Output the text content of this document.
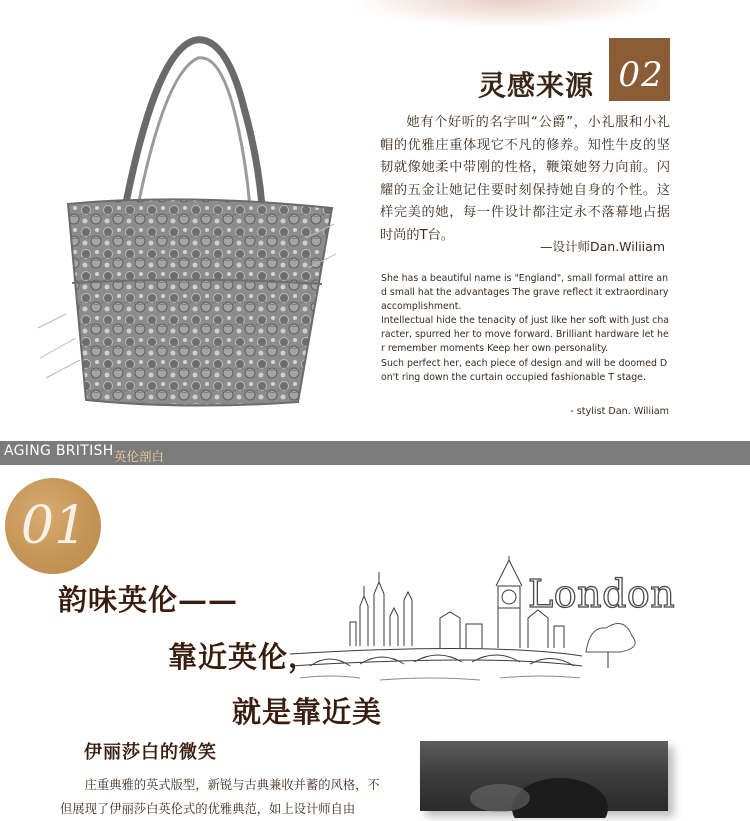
灵感来源 02
她有个好听的名字叫“公爵”，小礼服和小礼帽的优雅庄重体现它不凡的修养。知性牛皮的坚韧就像她柔中带刚的性格，鞭策她努力向前。闪耀的五金让她记住要时刻保持她自身的个性。这样完美的她，每一件设计都注定永不落幕地占据时尚的T台。
—设计师Dan.Wiliiam

She has a beautiful name is "England", small formal attire and small hat the advantages The grave reflect it extraordinary accomplishment.

Intellectual hide the tenacity of just like her soft with Just character, spurred her to move forward. Brilliant hardware let her remember moments Keep her own personality.

Such perfect her, each piece of design and will be doomed Don't ring down the curtain occupied fashionable T stage.

- stylist Dan. Wiliiam
AGING BRITISH 英伦剖白
01
London
韵味英伦——
靠近英伦，
就是靠近美
伊丽莎白的微笑
庄重典雅的英式版型，新锐与古典兼收并蓄的风格，不但展现了伊丽莎白英伦式的优雅典范，如上设计师自由
